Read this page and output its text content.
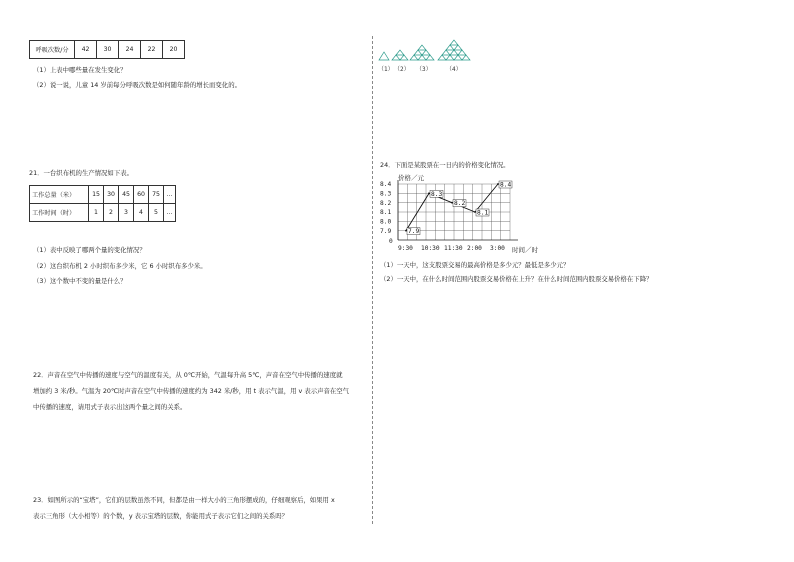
呼吸次数/分	42	30	24	22	20
（1）上表中哪些量在发生变化？
（2）说一说，儿童 14 岁前每分呼吸次数是如何随年龄的增长而变化的。
21．一台织布机的生产情况如下表。
工作总量（米）	15	30	45	60	75	…
工作时间（时）	1	2	3	4	5	…
（1）表中反映了哪两个量的变化情况？
（2）这台织布机 2 小时织布多少米，它 6 小时织布多少米。
（3）这个数中不变的量是什么？
22．声音在空气中传播的速度与空气的温度有关，从 0℃开始，气温每升高 5℃，声音在空气中传播的速度就
增加约 3 米/秒。气温为 20℃时声音在空气中传播的速度约为 342 米/秒，用 t 表示气温，用 v 表示声音在空气
中传播的速度，请用式子表示出这两个量之间的关系。
23．如图所示的“宝塔”，它们的层数虽然不同，但都是由一样大小的三角形摆成的，仔细观察后，如果用 x
表示三角形（大小相等）的个数，y 表示宝塔的层数，你能用式子表示它们之间的关系吗？
（1） （2） （3） （4）
24．下面是某股票在一日内的价格变化情况。
价格／元
时间／时
8.4
8.3
8.2
8.1
8.0
7.9
0
9:30 10:30 11:30 2:00 3:00
7.9
8.3
8.2
8.1
8.4
（1）一天中，这支股票交易的最高价格是多少元？最低是多少元？
（2）一天中，在什么时间范围内股票交易价格在上升？在什么时间范围内股票交易价格在下降？
